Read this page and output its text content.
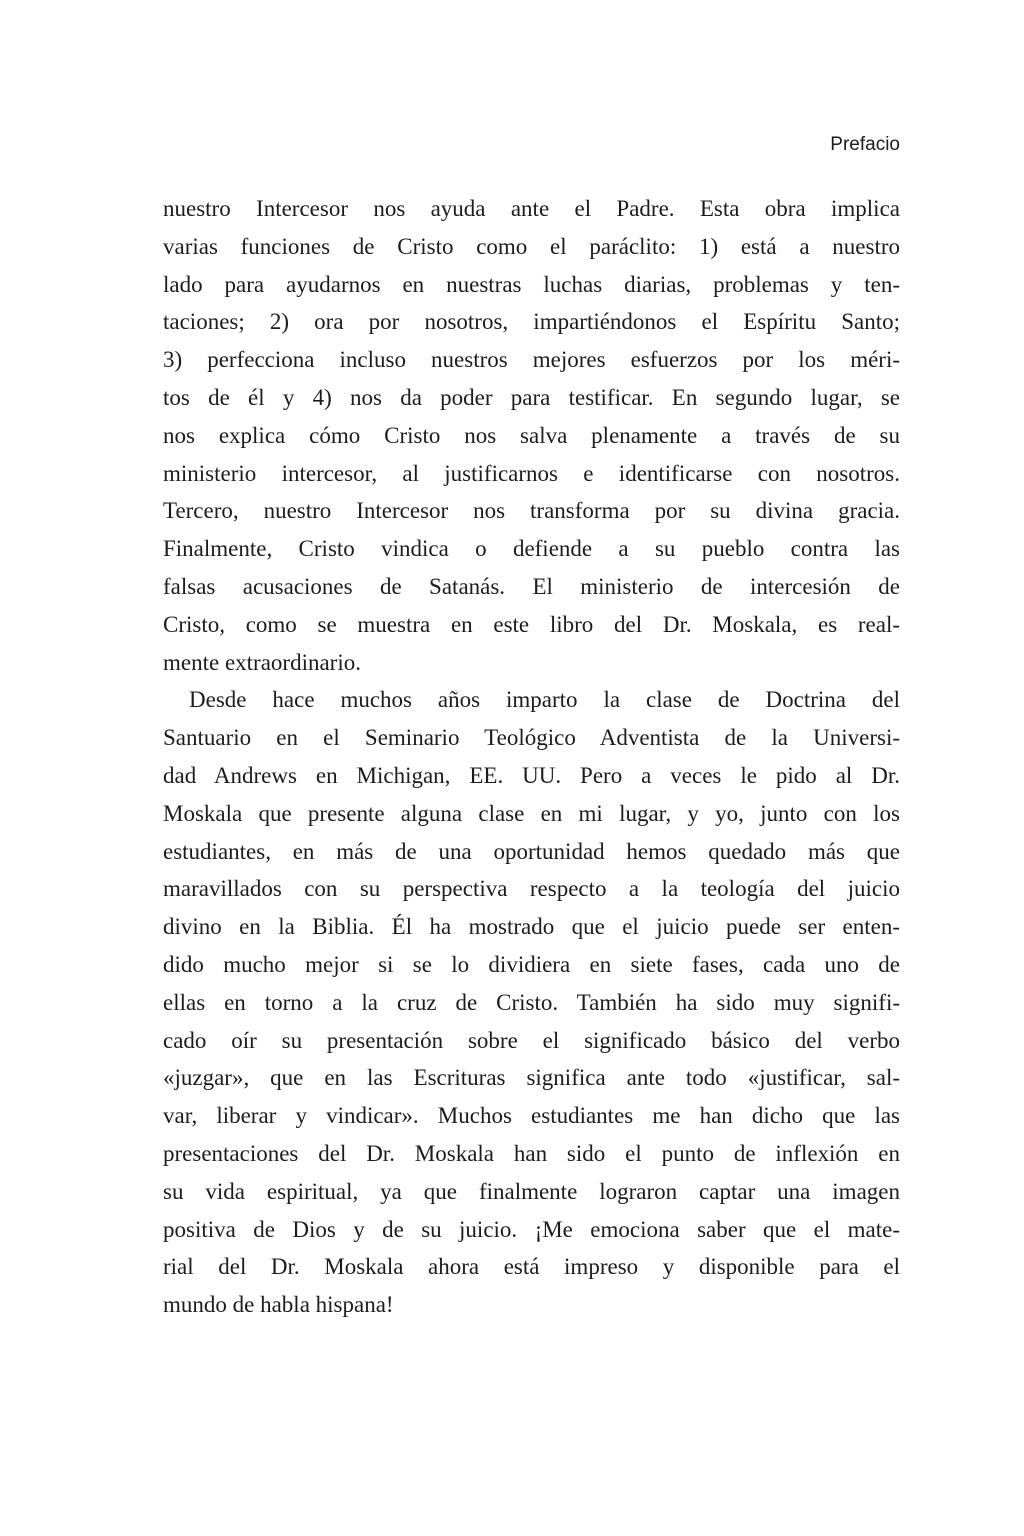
Prefacio
nuestro Intercesor nos ayuda ante el Padre. Esta obra implica
varias funciones de Cristo como el paráclito: 1) está a nuestro
lado para ayudarnos en nuestras luchas diarias, problemas y ten-
taciones; 2) ora por nosotros, impartiéndonos el Espíritu Santo;
3) perfecciona incluso nuestros mejores esfuerzos por los méri-
tos de él y 4) nos da poder para testificar. En segundo lugar, se
nos explica cómo Cristo nos salva plenamente a través de su
ministerio intercesor, al justificarnos e identificarse con nosotros.
Tercero, nuestro Intercesor nos transforma por su divina gracia.
Finalmente, Cristo vindica o defiende a su pueblo contra las
falsas acusaciones de Satanás. El ministerio de intercesión de
Cristo, como se muestra en este libro del Dr. Moskala, es real-
mente extraordinario.
Desde hace muchos años imparto la clase de Doctrina del
Santuario en el Seminario Teológico Adventista de la Universi-
dad Andrews en Michigan, EE. UU. Pero a veces le pido al Dr.
Moskala que presente alguna clase en mi lugar, y yo, junto con los
estudiantes, en más de una oportunidad hemos quedado más que
maravillados con su perspectiva respecto a la teología del juicio
divino en la Biblia. Él ha mostrado que el juicio puede ser enten-
dido mucho mejor si se lo dividiera en siete fases, cada uno de
ellas en torno a la cruz de Cristo. También ha sido muy signifi-
cado oír su presentación sobre el significado básico del verbo
«juzgar», que en las Escrituras significa ante todo «justificar, sal-
var, liberar y vindicar». Muchos estudiantes me han dicho que las
presentaciones del Dr. Moskala han sido el punto de inflexión en
su vida espiritual, ya que finalmente lograron captar una imagen
positiva de Dios y de su juicio. ¡Me emociona saber que el mate-
rial del Dr. Moskala ahora está impreso y disponible para el
mundo de habla hispana!
